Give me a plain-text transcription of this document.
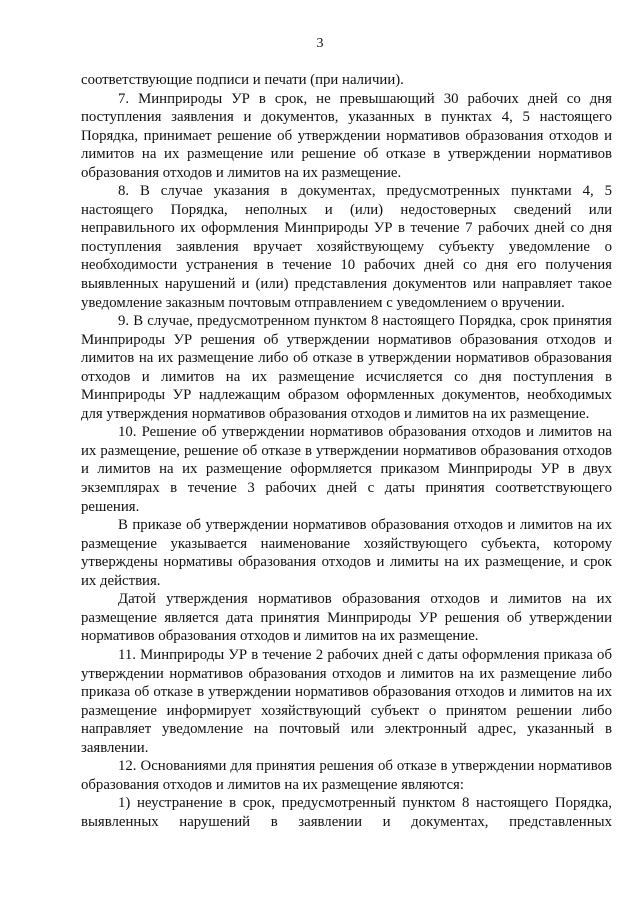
3

соответствующие подписи и печати (при наличии).

7. Минприроды УР в срок, не превышающий 30 рабочих дней со дня поступления заявления и документов, указанных в пунктах 4, 5 настоящего Порядка, принимает решение об утверждении нормативов образования отходов и лимитов на их размещение или решение об отказе в утверждении нормативов образования отходов и лимитов на их размещение.

8. В случае указания в документах, предусмотренных пунктами 4, 5 настоящего Порядка, неполных и (или) недостоверных сведений или неправильного их оформления Минприроды УР в течение 7 рабочих дней со дня поступления заявления вручает хозяйствующему субъекту уведомление о необходимости устранения в течение 10 рабочих дней со дня его получения выявленных нарушений и (или) представления документов или направляет такое уведомление заказным почтовым отправлением с уведомлением о вручении.

9. В случае, предусмотренном пунктом 8 настоящего Порядка, срок принятия Минприроды УР решения об утверждении нормативов образования отходов и лимитов на их размещение либо об отказе в утверждении нормативов образования отходов и лимитов на их размещение исчисляется со дня поступления в Минприроды УР надлежащим образом оформленных документов, необходимых для утверждения нормативов образования отходов и лимитов на их размещение.

10. Решение об утверждении нормативов образования отходов и лимитов на их размещение, решение об отказе в утверждении нормативов образования отходов и лимитов на их размещение оформляется приказом Минприроды УР в двух экземплярах в течение 3 рабочих дней с даты принятия соответствующего решения.

В приказе об утверждении нормативов образования отходов и лимитов на их размещение указывается наименование хозяйствующего субъекта, которому утверждены нормативы образования отходов и лимиты на их размещение, и срок их действия.

Датой утверждения нормативов образования отходов и лимитов на их размещение является дата принятия Минприроды УР решения об утверждении нормативов образования отходов и лимитов на их размещение.

11. Минприроды УР в течение 2 рабочих дней с даты оформления приказа об утверждении нормативов образования отходов и лимитов на их размещение либо приказа об отказе в утверждении нормативов образования отходов и лимитов на их размещение информирует хозяйствующий субъект о принятом решении либо направляет уведомление на почтовый или электронный адрес, указанный в заявлении.

12. Основаниями для принятия решения об отказе в утверждении нормативов образования отходов и лимитов на их размещение являются:

1) неустранение в срок, предусмотренный пунктом 8 настоящего Порядка, выявленных нарушений в заявлении и документах, представленных
